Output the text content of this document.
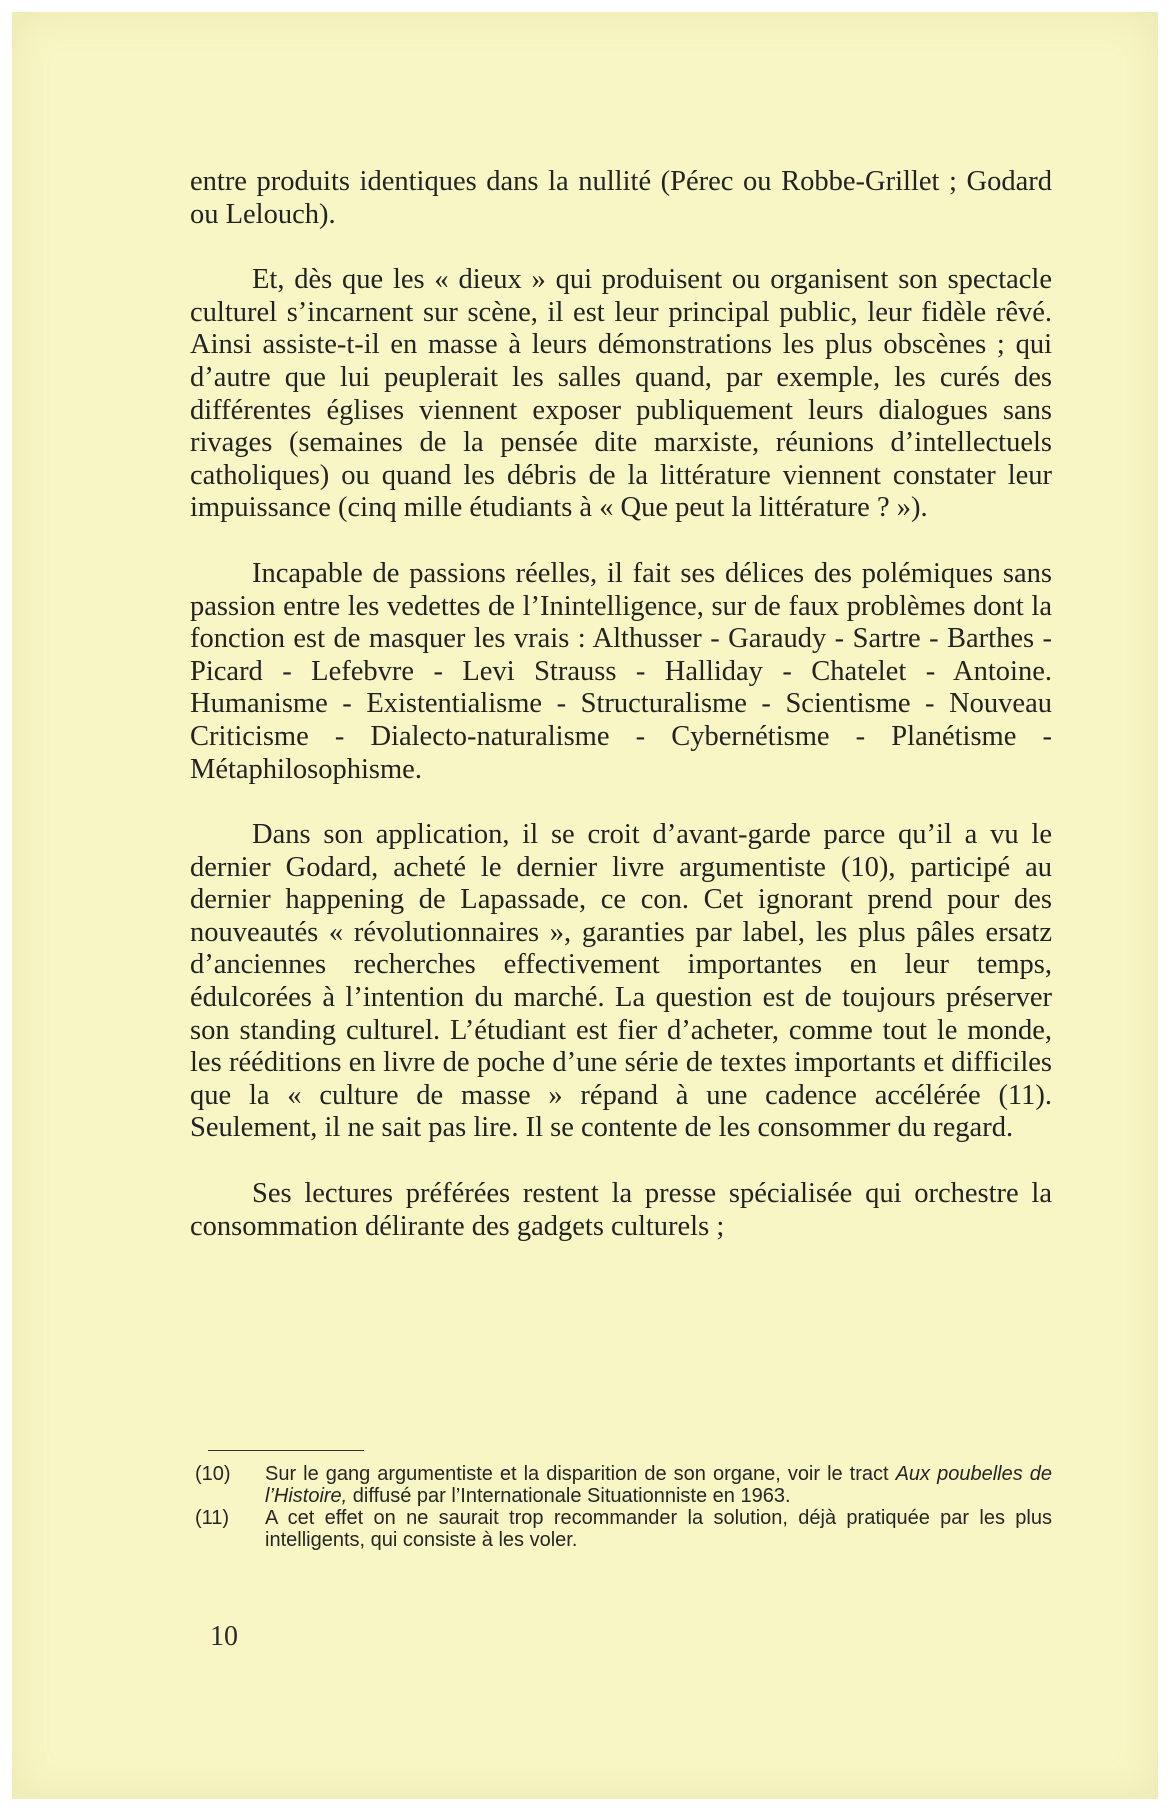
entre produits identiques dans la nullité (Pérec ou Robbe-Grillet ; Godard ou Lelouch).

Et, dès que les « dieux » qui produisent ou organisent son spectacle culturel s’incarnent sur scène, il est leur principal public, leur fidèle rêvé. Ainsi assiste-t-il en masse à leurs démonstrations les plus obscènes ; qui d’autre que lui peuplerait les salles quand, par exemple, les curés des différentes églises viennent exposer publiquement leurs dialogues sans rivages (semaines de la pensée dite marxiste, réunions d’intellectuels catholiques) ou quand les débris de la littérature viennent constater leur impuissance (cinq mille étudiants à « Que peut la littérature ? »).

Incapable de passions réelles, il fait ses délices des polémiques sans passion entre les vedettes de l’Inintelligence, sur de faux problèmes dont la fonction est de masquer les vrais : Althusser - Garaudy - Sartre - Barthes - Picard - Lefebvre - Levi Strauss - Halliday - Chatelet - Antoine. Humanisme - Existentialisme - Structuralisme - Scientisme - Nouveau Criticisme - Dialecto-naturalisme - Cybernétisme - Planétisme - Métaphilosophisme.

Dans son application, il se croit d’avant-garde parce qu’il a vu le dernier Godard, acheté le dernier livre argumentiste (10), participé au dernier happening de Lapassade, ce con. Cet ignorant prend pour des nouveautés « révolutionnaires », garanties par label, les plus pâles ersatz d’anciennes recherches effectivement importantes en leur temps, édulcorées à l’intention du marché. La question est de toujours préserver son standing culturel. L’étudiant est fier d’acheter, comme tout le monde, les rééditions en livre de poche d’une série de textes importants et difficiles que la « culture de masse » répand à une cadence accélérée (11). Seulement, il ne sait pas lire. Il se contente de les consommer du regard.

Ses lectures préférées restent la presse spécialisée qui orchestre la consommation délirante des gadgets culturels ;

(10)	Sur le gang argumentiste et la disparition de son organe, voir le tract Aux poubelles de l’Histoire, diffusé par l’Internationale Situationniste en 1963.
(11)	A cet effet on ne saurait trop recommander la solution, déjà pratiquée par les plus intelligents, qui consiste à les voler.
10
